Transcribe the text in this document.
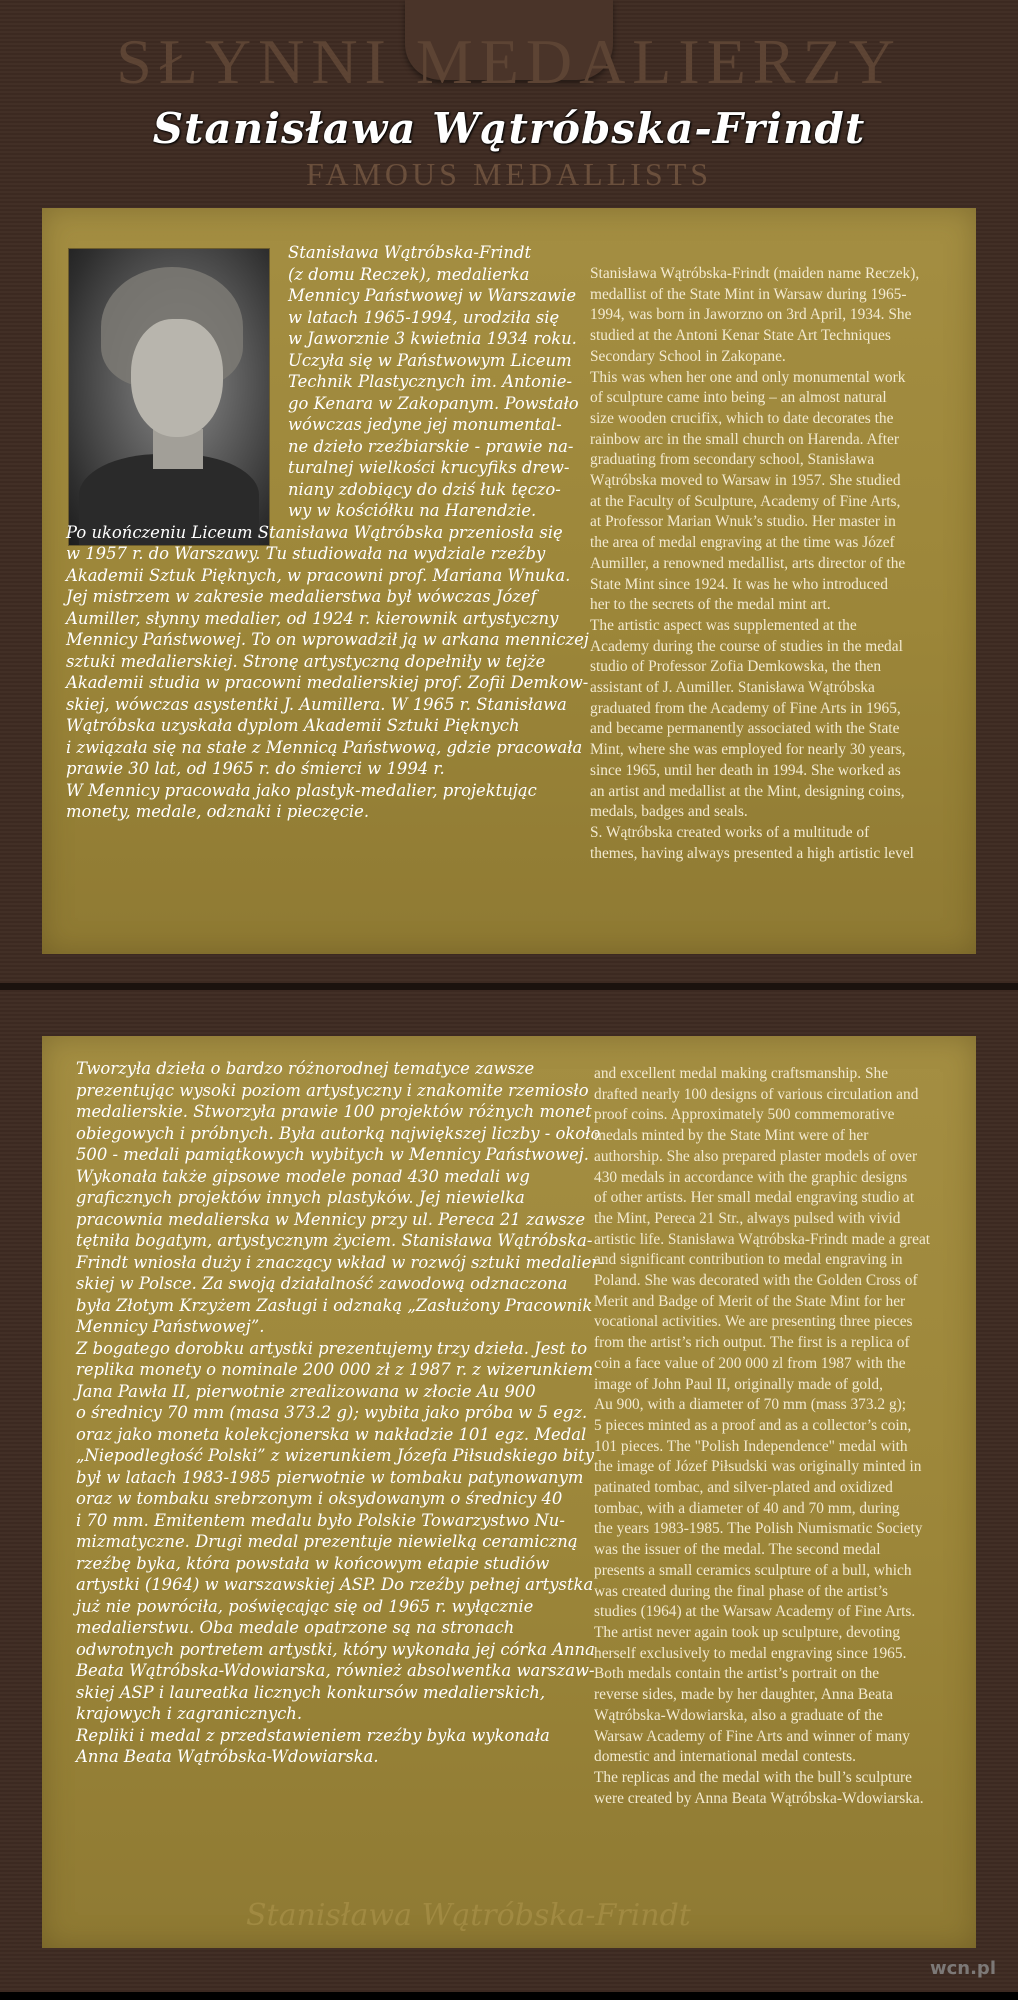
SŁYNNI MEDALIERZY
Stanisława Wątróbska-Frindt
FAMOUS MEDALLISTS
Stanisława Wątróbska-Frindt
(z domu Reczek), medalierka
Mennicy Państwowej w Warszawie
w latach 1965-1994, urodziła się
w Jaworznie 3 kwietnia 1934 roku.
Uczyła się w Państwowym Liceum
Technik Plastycznych im. Antonie-
go Kenara w Zakopanym. Powstało
wówczas jedyne jej monumental-
ne dzieło rzeźbiarskie - prawie na-
turalnej wielkości krucyfiks drew-
niany zdobiący do dziś łuk tęczo-
wy w kościółku na Harendzie.
Po ukończeniu Liceum Stanisława Wątróbska przeniosła się
w 1957 r. do Warszawy. Tu studiowała na wydziale rzeźby
Akademii Sztuk Pięknych, w pracowni prof. Mariana Wnuka.
Jej mistrzem w zakresie medalierstwa był wówczas Józef
Aumiller, słynny medalier, od 1924 r. kierownik artystyczny
Mennicy Państwowej. To on wprowadził ją w arkana menniczej
sztuki medalierskiej. Stronę artystyczną dopełniły w tejże
Akademii studia w pracowni medalierskiej prof. Zofii Demkow-
skiej, wówczas asystentki J. Aumillera. W 1965 r. Stanisława
Wątróbska uzyskała dyplom Akademii Sztuki Pięknych
i związała się na stałe z Mennicą Państwową, gdzie pracowała
prawie 30 lat, od 1965 r. do śmierci w 1994 r.
W Mennicy pracowała jako plastyk-medalier, projektując
monety, medale, odznaki i pieczęcie.
Stanisława Wątróbska-Frindt (maiden name Reczek),
medallist of the State Mint in Warsaw during 1965-
1994, was born in Jaworzno on 3rd April, 1934. She
studied at the Antoni Kenar State Art Techniques
Secondary School in Zakopane.
This was when her one and only monumental work
of sculpture came into being – an almost natural
size wooden crucifix, which to date decorates the
rainbow arc in the small church on Harenda. After
graduating from secondary school, Stanisława
Wątróbska moved to Warsaw in 1957. She studied
at the Faculty of Sculpture, Academy of Fine Arts,
at Professor Marian Wnuk’s studio. Her master in
the area of medal engraving at the time was Józef
Aumiller, a renowned medallist, arts director of the
State Mint since 1924. It was he who introduced
her to the secrets of the medal mint art.
The artistic aspect was supplemented at the
Academy during the course of studies in the medal
studio of Professor Zofia Demkowska, the then
assistant of J. Aumiller. Stanisława Wątróbska
graduated from the Academy of Fine Arts in 1965,
and became permanently associated with the State
Mint, where she was employed for nearly 30 years,
since 1965, until her death in 1994. She worked as
an artist and medallist at the Mint, designing coins,
medals, badges and seals.
S. Wątróbska created works of a multitude of
themes, having always presented a high artistic level
Tworzyła dzieła o bardzo różnorodnej tematyce zawsze
prezentując wysoki poziom artystyczny i znakomite rzemiosło
medalierskie. Stworzyła prawie 100 projektów różnych monet
obiegowych i próbnych. Była autorką największej liczby - około
500 - medali pamiątkowych wybitych w Mennicy Państwowej.
Wykonała także gipsowe modele ponad 430 medali wg
graficznych projektów innych plastyków. Jej niewielka
pracownia medalierska w Mennicy przy ul. Pereca 21 zawsze
tętniła bogatym, artystycznym życiem. Stanisława Wątróbska-
Frindt wniosła duży i znaczący wkład w rozwój sztuki medalier-
skiej w Polsce. Za swoją działalność zawodową odznaczona
była Złotym Krzyżem Zasługi i odznaką „Zasłużony Pracownik
Mennicy Państwowej”.
Z bogatego dorobku artystki prezentujemy trzy dzieła. Jest to
replika monety o nominale 200 000 zł z 1987 r. z wizerunkiem
Jana Pawła II, pierwotnie zrealizowana w złocie Au 900
o średnicy 70 mm (masa 373.2 g); wybita jako próba w 5 egz.
oraz jako moneta kolekcjonerska w nakładzie 101 egz. Medal
„Niepodległość Polski” z wizerunkiem Józefa Piłsudskiego bity
był w latach 1983-1985 pierwotnie w tombaku patynowanym
oraz w tombaku srebrzonym i oksydowanym o średnicy 40
i 70 mm. Emitentem medalu było Polskie Towarzystwo Nu-
mizmatyczne. Drugi medal prezentuje niewielką ceramiczną
rzeźbę byka, która powstała w końcowym etapie studiów
artystki (1964) w warszawskiej ASP. Do rzeźby pełnej artystka
już nie powróciła, poświęcając się od 1965 r. wyłącznie
medalierstwu. Oba medale opatrzone są na stronach
odwrotnych portretem artystki, który wykonała jej córka Anna
Beata Wątróbska-Wdowiarska, również absolwentka warszaw-
skiej ASP i laureatka licznych konkursów medalierskich,
krajowych i zagranicznych.
Repliki i medal z przedstawieniem rzeźby byka wykonała
Anna Beata Wątróbska-Wdowiarska.
and excellent medal making craftsmanship. She
drafted nearly 100 designs of various circulation and
proof coins. Approximately 500 commemorative
medals minted by the State Mint were of her
authorship. She also prepared plaster models of over
430 medals in accordance with the graphic designs
of other artists. Her small medal engraving studio at
the Mint, Pereca 21 Str., always pulsed with vivid
artistic life. Stanisława Wątróbska-Frindt made a great
and significant contribution to medal engraving in
Poland. She was decorated with the Golden Cross of
Merit and Badge of Merit of the State Mint for her
vocational activities. We are presenting three pieces
from the artist’s rich output. The first is a replica of
coin a face value of 200 000 zl from 1987 with the
image of John Paul II, originally made of gold,
Au 900, with a diameter of 70 mm (mass 373.2 g);
5 pieces minted as a proof and as a collector’s coin,
101 pieces. The "Polish Independence" medal with
the image of Józef Piłsudski was originally minted in
patinated tombac, and silver-plated and oxidized
tombac, with a diameter of 40 and 70 mm, during
the years 1983-1985. The Polish Numismatic Society
was the issuer of the medal. The second medal
presents a small ceramics sculpture of a bull, which
was created during the final phase of the artist’s
studies (1964) at the Warsaw Academy of Fine Arts.
The artist never again took up sculpture, devoting
herself exclusively to medal engraving since 1965.
Both medals contain the artist’s portrait on the
reverse sides, made by her daughter, Anna Beata
Wątróbska-Wdowiarska, also a graduate of the
Warsaw Academy of Fine Arts and winner of many
domestic and international medal contests.
The replicas and the medal with the bull’s sculpture
were created by Anna Beata Wątróbska-Wdowiarska.
Stanisława Wątróbska-Frindt
wcn.pl
